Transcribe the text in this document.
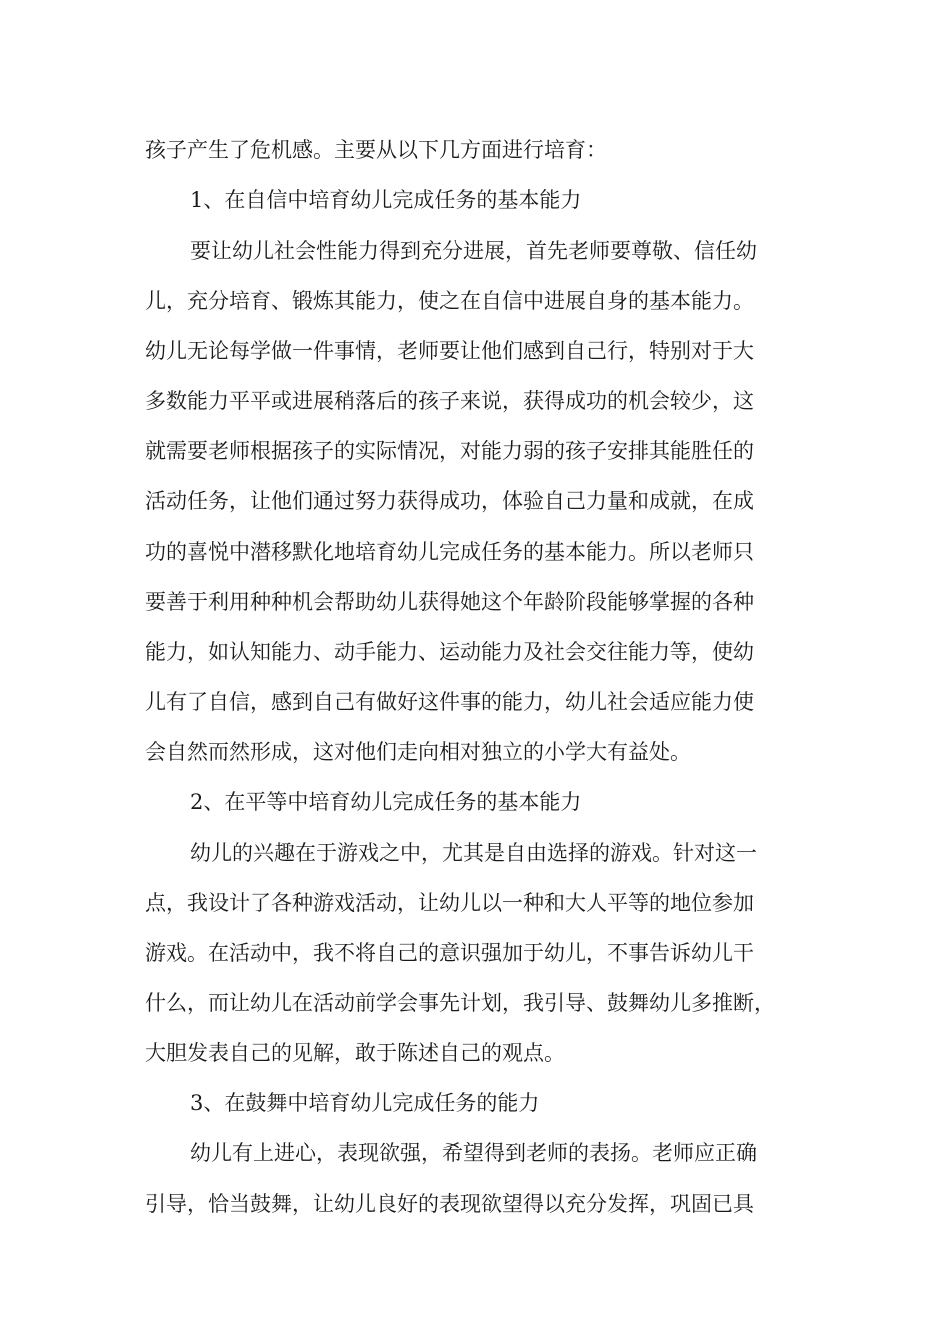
孩子产生了危机感。主要从以下几方面进行培育：
1、在自信中培育幼儿完成任务的基本能力
要让幼儿社会性能力得到充分进展，首先老师要尊敬、信任幼
儿，充分培育、锻炼其能力，使之在自信中进展自身的基本能力。
幼儿无论每学做一件事情，老师要让他们感到自己行，特别对于大
多数能力平平或进展稍落后的孩子来说，获得成功的机会较少，这
就需要老师根据孩子的实际情况，对能力弱的孩子安排其能胜任的
活动任务，让他们通过努力获得成功，体验自己力量和成就，在成
功的喜悦中潜移默化地培育幼儿完成任务的基本能力。所以老师只
要善于利用种种机会帮助幼儿获得她这个年龄阶段能够掌握的各种
能力，如认知能力、动手能力、运动能力及社会交往能力等，使幼
儿有了自信，感到自己有做好这件事的能力，幼儿社会适应能力使
会自然而然形成，这对他们走向相对独立的小学大有益处。
2、在平等中培育幼儿完成任务的基本能力
幼儿的兴趣在于游戏之中，尤其是自由选择的游戏。针对这一
点，我设计了各种游戏活动，让幼儿以一种和大人平等的地位参加
游戏。在活动中，我不将自己的意识强加于幼儿，不事告诉幼儿干
什么，而让幼儿在活动前学会事先计划，我引导、鼓舞幼儿多推断，
大胆发表自己的见解，敢于陈述自己的观点。
3、在鼓舞中培育幼儿完成任务的能力
幼儿有上进心，表现欲强，希望得到老师的表扬。老师应正确
引导，恰当鼓舞，让幼儿良好的表现欲望得以充分发挥，巩固已具
